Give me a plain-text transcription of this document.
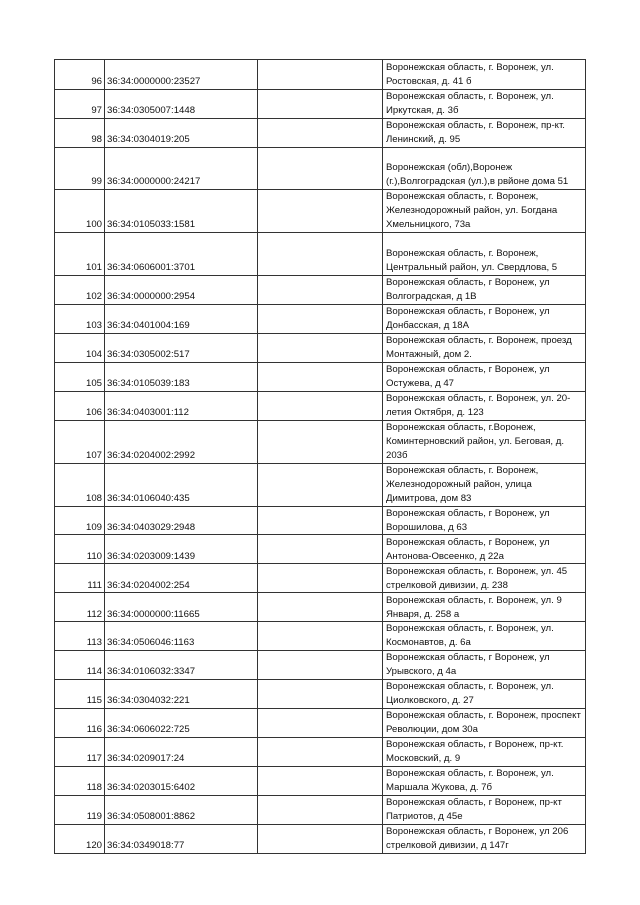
96	36:34:0000000:23527		Воронежская область, г. Воронеж, ул. Ростовская, д. 41 б
97	36:34:0305007:1448		Воронежская область, г. Воронеж, ул. Иркутская, д. 3б
98	36:34:0304019:205		Воронежская область, г. Воронеж, пр-кт. Ленинский, д. 95
99	36:34:0000000:24217		Воронежская (обл),Воронеж (г.),Волгоградская (ул.),в рвйоне дома 51
100	36:34:0105033:1581		Воронежская область, г. Воронеж, Железнодорожный район, ул. Богдана Хмельницкого, 73а
101	36:34:0606001:3701		Воронежская область, г. Воронеж, Центральный район, ул. Свердлова, 5
102	36:34:0000000:2954		Воронежская область, г Воронеж, ул Волгоградская, д 1В
103	36:34:0401004:169		Воронежская область, г Воронеж, ул Донбасская, д 18А
104	36:34:0305002:517		Воронежская область, г. Воронеж, проезд Монтажный, дом 2.
105	36:34:0105039:183		Воронежская область, г Воронеж, ул Остужева, д 47
106	36:34:0403001:112		Воронежская область, г. Воронеж, ул. 20-летия Октября, д. 123
107	36:34:0204002:2992		Воронежская область, г.Воронеж, Коминтерновский район, ул. Беговая, д. 203б
108	36:34:0106040:435		Воронежская область, г. Воронеж, Железнодорожный район, улица Димитрова, дом 83
109	36:34:0403029:2948		Воронежская область, г Воронеж, ул Ворошилова, д 63
110	36:34:0203009:1439		Воронежская область, г Воронеж, ул Антонова-Овсеенко, д 22а
111	36:34:0204002:254		Воронежская область, г. Воронеж, ул. 45 стрелковой дивизии, д. 238
112	36:34:0000000:11665		Воронежская область, г. Воронеж, ул. 9 Января, д. 258 а
113	36:34:0506046:1163		Воронежская область, г. Воронеж, ул. Космонавтов, д. 6а
114	36:34:0106032:3347		Воронежская область, г Воронеж, ул Урывского, д 4а
115	36:34:0304032:221		Воронежская область, г. Воронеж, ул. Циолковского, д. 27
116	36:34:0606022:725		Воронежская область, г. Воронеж, проспект Революции, дом 30а
117	36:34:0209017:24		Воронежская область, г Воронеж, пр-кт. Московский, д. 9
118	36:34:0203015:6402		Воронежская область, г. Воронеж, ул. Маршала Жукова, д. 7б
119	36:34:0508001:8862		Воронежская область, г Воронеж, пр-кт Патриотов, д 45е
120	36:34:0349018:77		Воронежская область, г Воронеж, ул 206 стрелковой дивизии, д 147г
